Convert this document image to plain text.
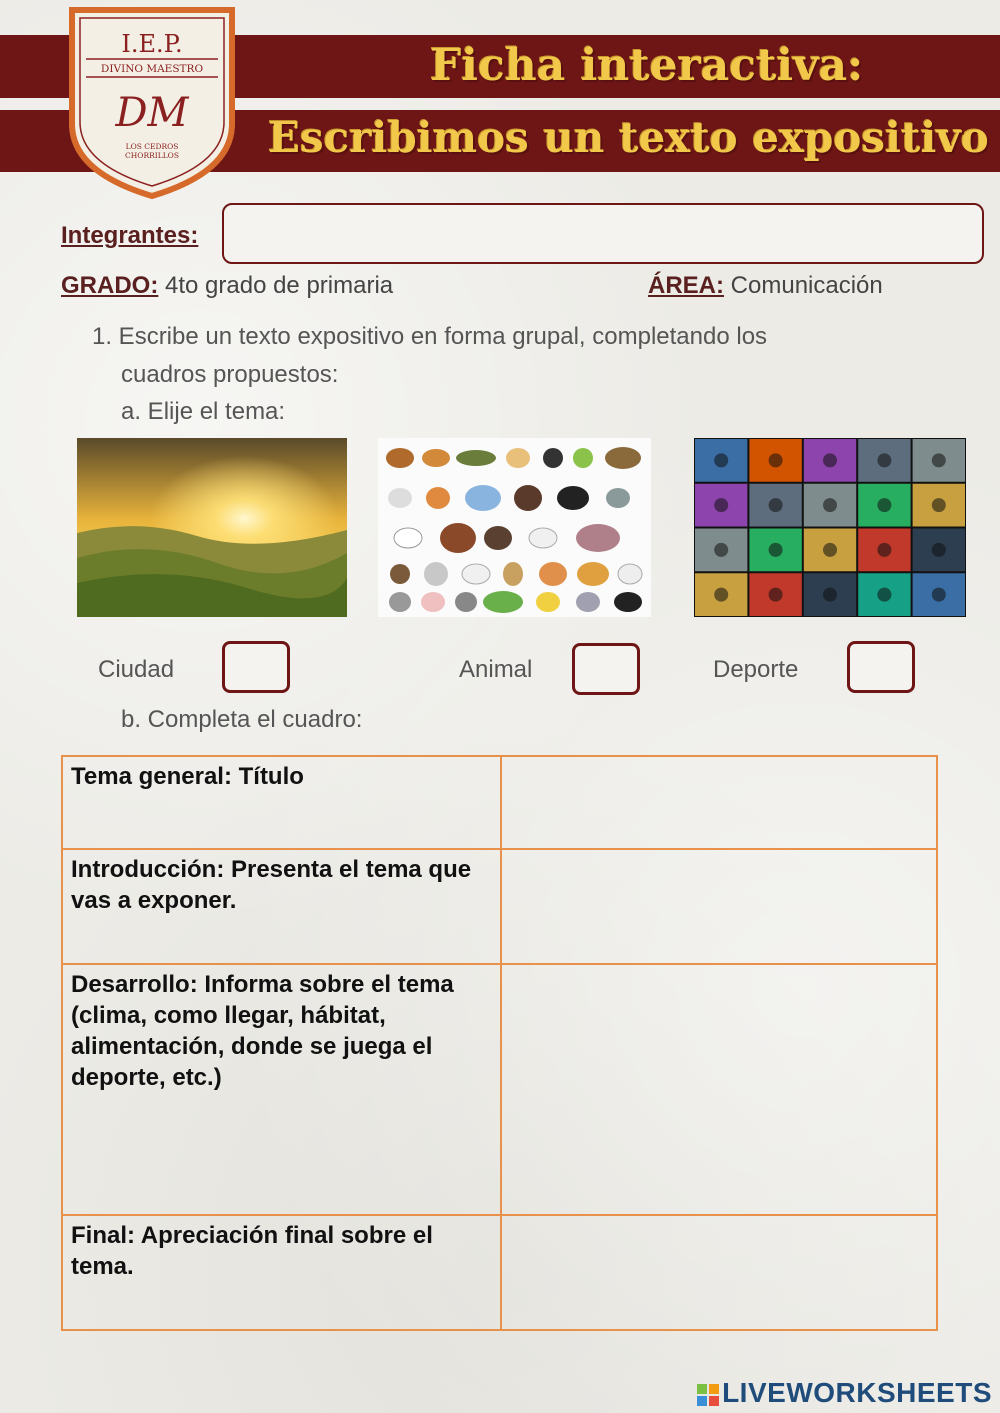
Ficha interactiva:
Escribimos un texto expositivo
I.E.P.
DIVINO MAESTRO
DM
LOS CEDROS
CHORRILLOS
Integrantes:
GRADO: 4to grado de primaria	ÁREA: Comunicación
1. Escribe un texto expositivo en forma grupal, completando los
cuadros propuestos:
a. Elije el tema:
Ciudad	Animal	Deporte
b. Completa el cuadro:
Tema general: Título	
Introducción: Presenta el tema que vas a exponer.	
Desarrollo: Informa sobre el tema (clima, como llegar, hábitat, alimentación, donde se juega el deporte, etc.)	
Final: Apreciación final sobre el tema.	
LIVEWORKSHEETS
